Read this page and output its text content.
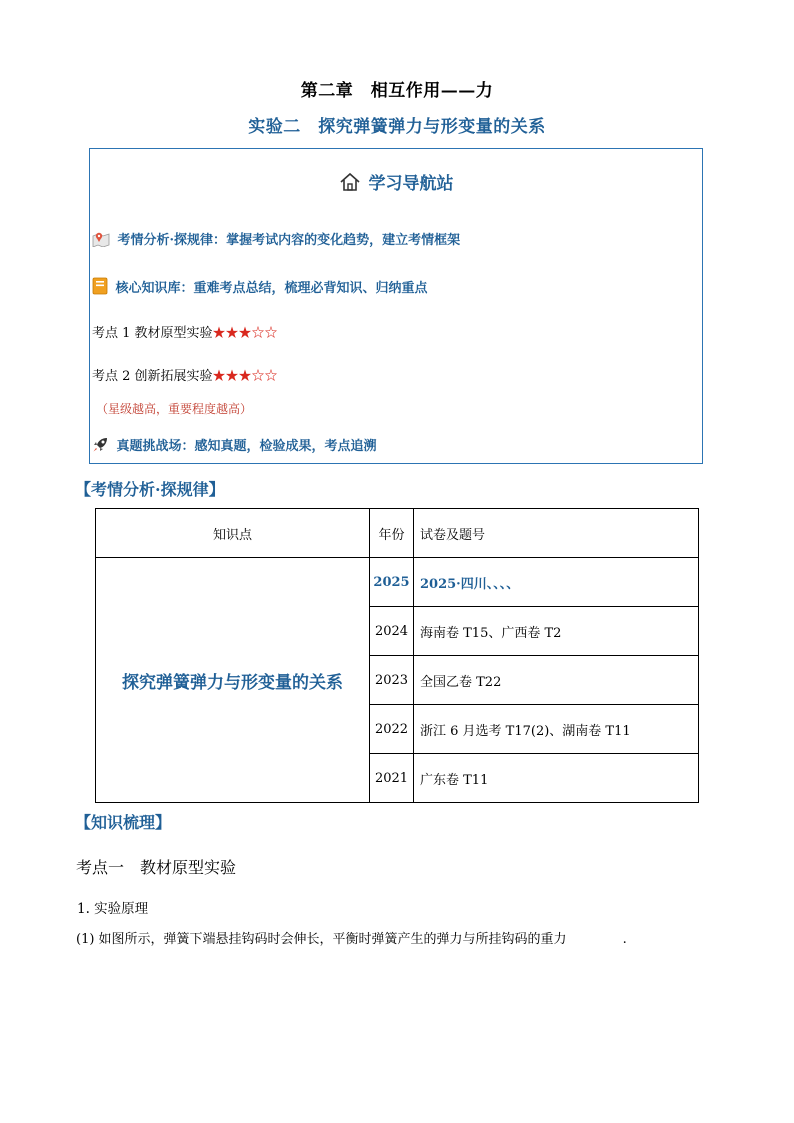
第二章　相互作用——力
实验二　探究弹簧弹力与形变量的关系
学习导航站
考情分析·探规律：掌握考试内容的变化趋势，建立考情框架
核心知识库：重难考点总结，梳理必背知识、归纳重点
考点 1 教材原型实验★★★☆☆
考点 2 创新拓展实验★★★☆☆
（星级越高，重要程度越高）
真题挑战场：感知真题，检验成果，考点追溯
【考情分析·探规律】
知识点	年份	试卷及题号
探究弹簧弹力与形变量的关系	2025	2025·四川、、、、
	2024	海南卷 T15、广西卷 T2
	2023	全国乙卷 T22
	2022	浙江 6 月选考 T17(2)、湖南卷 T11
	2021	广东卷 T11
【知识梳理】
考点一　教材原型实验
1. 实验原理
(1) 如图所示，弹簧下端悬挂钩码时会伸长，平衡时弹簧产生的弹力与所挂钩码的重力	.
